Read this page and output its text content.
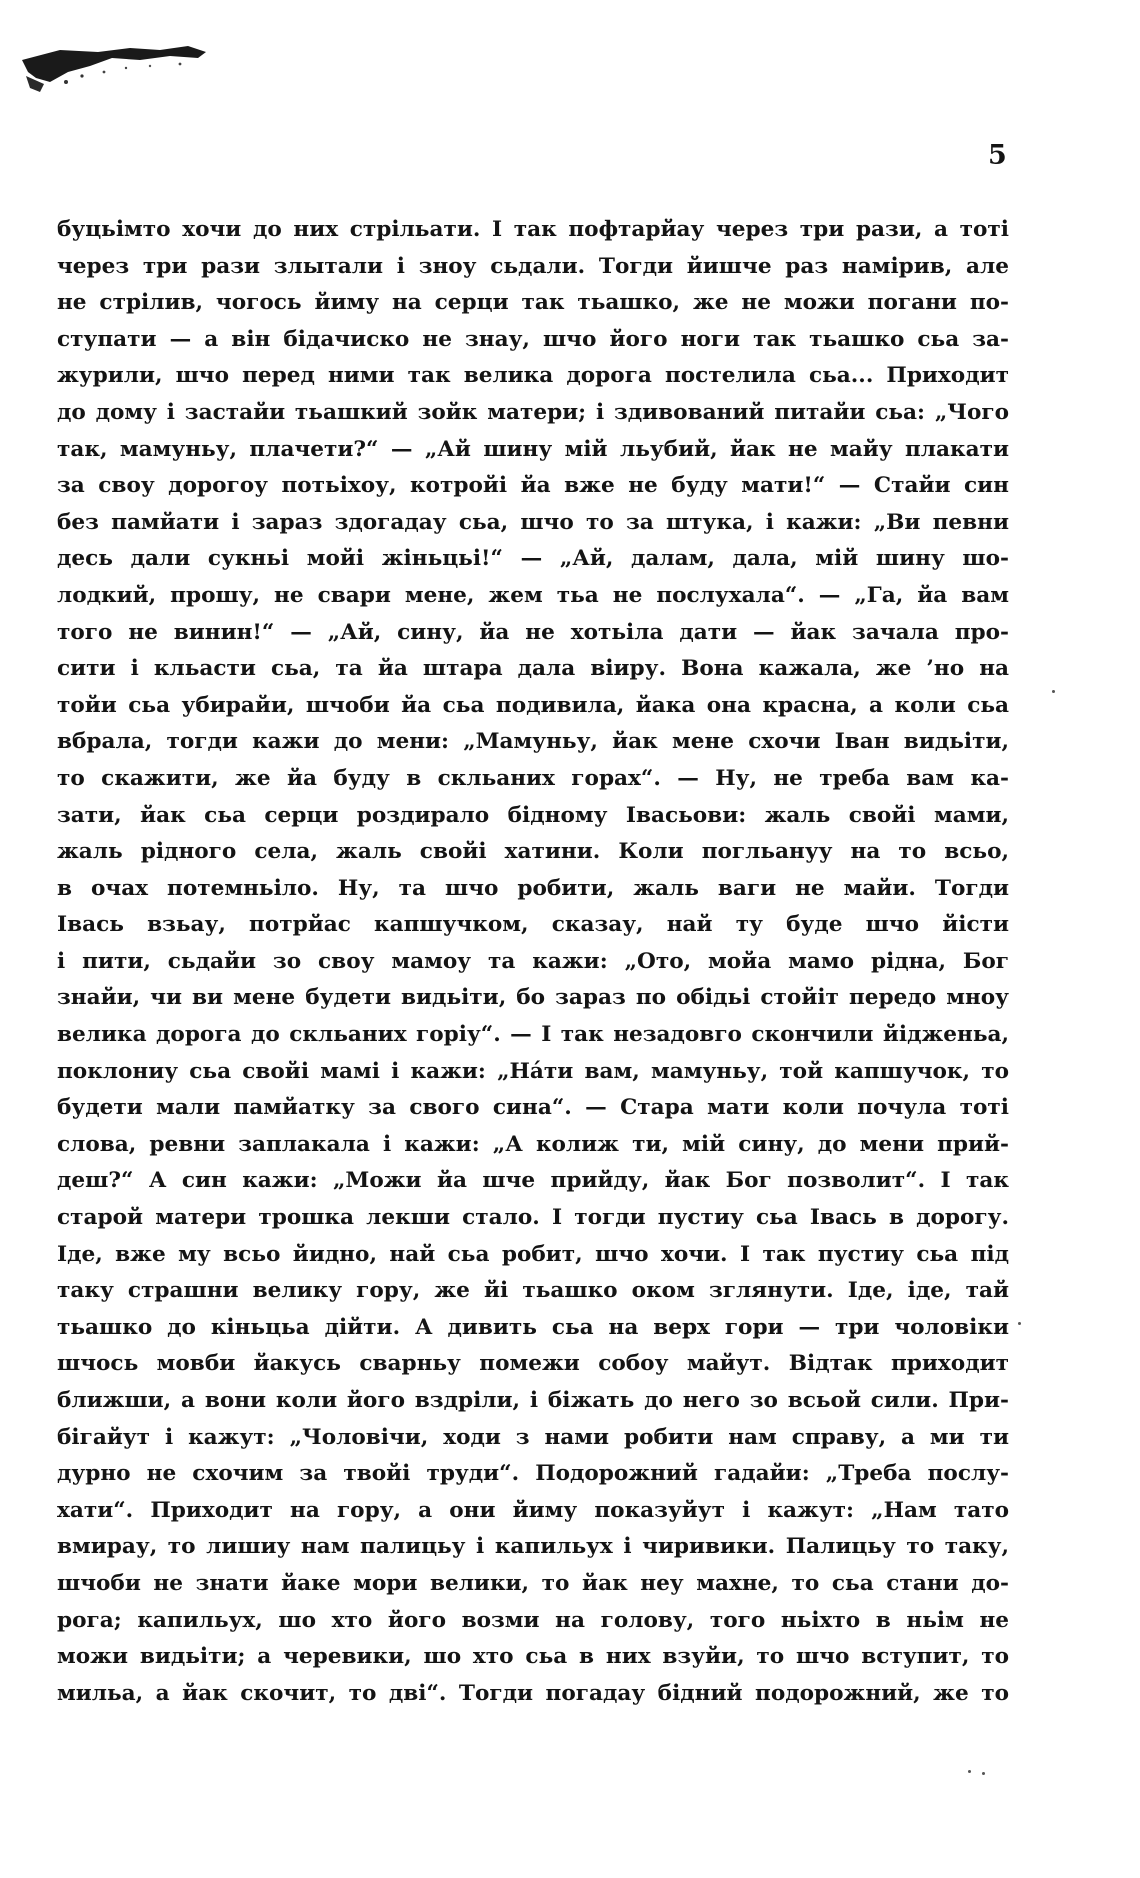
5
буцьімто хочи до них стрільати. І так пофтарйау через три рази, а тоті
через три рази злытали і зноу сьдали. Тогди йишче раз намірив, але
не стрілив, чогось йиму на серци так тьашко, же не можи погани по-
ступати — а він бідачиско не знау, шчо його ноги так тьашко сьа за-
журили, шчо перед ними так велика дорога постелила сьа... Приходит
до дому і застайи тьашкий зойк матери; і здивований питайи сьа: „Чого
так, мамуньу, плачети?“ — „Ай шину мій льубий, йак не майу плакати
за своу дорогоу потьіхоу, котройі йа вже не буду мати!“ — Стайи син
без памйати і зараз здогадау сьа, шчо то за штука, і кажи: „Ви певни
десь дали сукньі мойі жіньцьі!“ — „Ай, далам, дала, мій шину шо-
лодкий, прошу, не свари мене, жем тьа не послухала“. — „Га, йа вам
того не винин!“ — „Ай, сину, йа не хотьіла дати — йак зачала про-
сити і кльасти сьа, та йа штара дала віиру. Вона кажала, же ’но на
тойи сьа убирайи, шчоби йа сьа подивила, йака она красна, а коли сьа
вбрала, тогди кажи до мени: „Мамуньу, йак мене схочи Іван видьіти,
то скажити, же йа буду в скльаних горах“. — Ну, не треба вам ка-
зати, йак сьа серци роздирало бідному Івасьови: жаль свойі мами,
жаль рідного села, жаль свойі хатини. Коли погльануу на то всьо,
в очах потемньіло. Ну, та шчо робити, жаль ваги не майи. Тогди
Івась взьау, потрйас капшучком, сказау, най ту буде шчо йісти
і пити, сьдайи зо своу мамоу та кажи: „Ото, мойа мамо рідна, Бог
знайи, чи ви мене будети видьіти, бо зараз по обідьі стойіт передо мноу
велика дорога до скльаних горіу“. — І так незадовго скончили йідженьа,
поклониу сьа свойі мамі і кажи: „На́ти вам, мамуньу, той капшучок, то
будети мали памйатку за свого сина“. — Стара мати коли почула тоті
слова, ревни заплакала і кажи: „А колиж ти, мій сину, до мени прий-
деш?“ А син кажи: „Можи йа шче прийду, йак Бог позволит“. І так
старой матери трошка лекши стало. І тогди пустиу сьа Івась в дорогу.
Іде, вже му всьо йидно, най сьа робит, шчо хочи. І так пустиу сьа під
таку страшни велику гору, же йі тьашко оком зглянути. Іде, іде, тай
тьашко до кіньцьа дійти. А дивить сьа на верх гори — три чоловіки
шчось мовби йакусь сварньу помежи собоу майут. Відтак приходит
ближши, а вони коли його вздріли, і біжать до него зо всьой сили. При-
бігайут і кажут: „Чоловічи, ходи з нами робити нам справу, а ми ти
дурно не схочим за твойі труди“. Подорожний гадайи: „Треба послу-
хати“. Приходит на гору, а они йиму показуйут і кажут: „Нам тато
вмирау, то лишиу нам палицьу і капильух і чиривики. Палицьу то таку,
шчоби не знати йаке мори велики, то йак неу махне, то сьа стани до-
рога; капильух, шо хто його возми на голову, того ньіхто в ньім не
можи видьіти; а черевики, шо хто сьа в них взуйи, то шчо вступит, то
мильа, а йак скочит, то дві“. Тогди погадау бідний подорожний, же то
